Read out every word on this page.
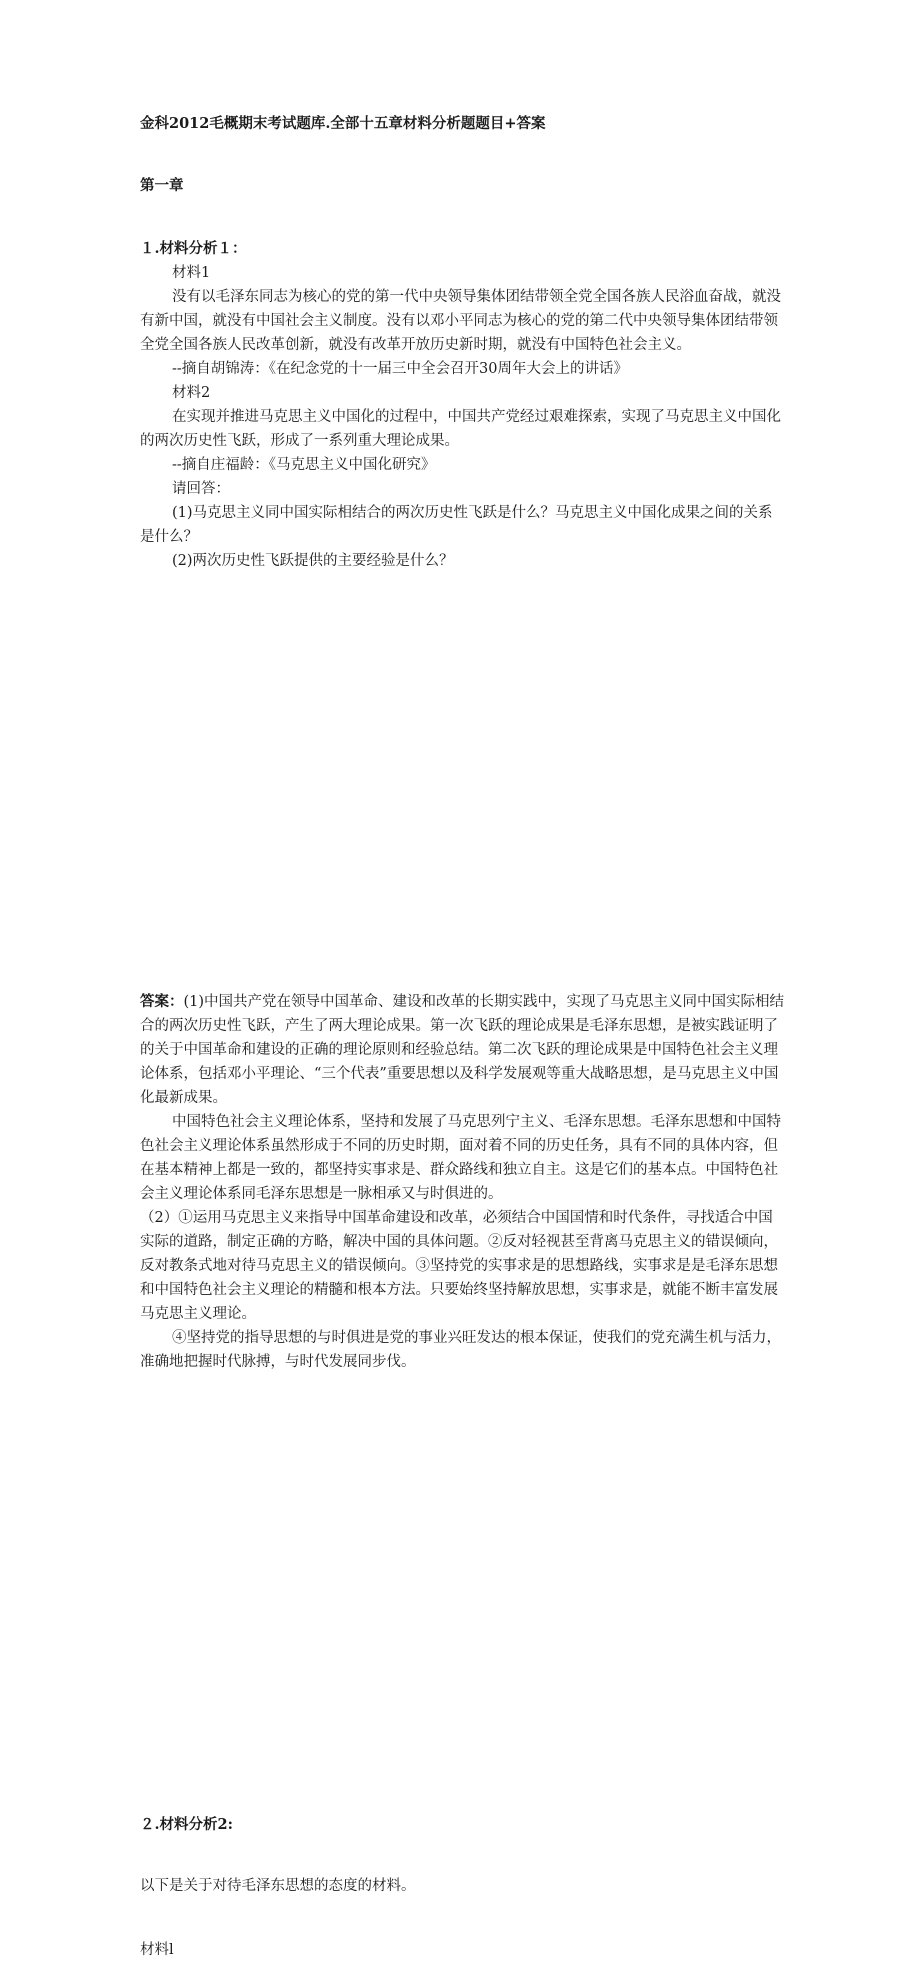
金科2012毛概期末考试题库.全部十五章材料分析题题目+答案

第一章

１.材料分析１：

材料1

没有以毛泽东同志为核心的党的第一代中央领导集体团结带领全党全国各族人民浴血奋战，就没有新中国，就没有中国社会主义制度。没有以邓小平同志为核心的党的第二代中央领导集体团结带领全党全国各族人民改革创新，就没有改革开放历史新时期，就没有中国特色社会主义。

--摘自胡锦涛：《在纪念党的十一届三中全会召开30周年大会上的讲话》

材料2

在实现并推进马克思主义中国化的过程中，中国共产党经过艰难探索，实现了马克思主义中国化的两次历史性飞跃，形成了一系列重大理论成果。

--摘自庄福龄：《马克思主义中国化研究》

请回答：

(1)马克思主义同中国实际相结合的两次历史性飞跃是什么？马克思主义中国化成果之间的关系是什么？

(2)两次历史性飞跃提供的主要经验是什么？

答案：(1)中国共产党在领导中国革命、建设和改革的长期实践中，实现了马克思主义同中国实际相结合的两次历史性飞跃，产生了两大理论成果。第一次飞跃的理论成果是毛泽东思想，是被实践证明了的关于中国革命和建设的正确的理论原则和经验总结。第二次飞跃的理论成果是中国特色社会主义理论体系，包括邓小平理论、“三个代表”重要思想以及科学发展观等重大战略思想，是马克思主义中国化最新成果。

中国特色社会主义理论体系，坚持和发展了马克思列宁主义、毛泽东思想。毛泽东思想和中国特色社会主义理论体系虽然形成于不同的历史时期，面对着不同的历史任务，具有不同的具体内容，但在基本精神上都是一致的，都坚持实事求是、群众路线和独立自主。这是它们的基本点。中国特色社会主义理论体系同毛泽东思想是一脉相承又与时俱进的。

（2）①运用马克思主义来指导中国革命建设和改革，必须结合中国国情和时代条件，寻找适合中国实际的道路，制定正确的方略，解决中国的具体问题。②反对轻视甚至背离马克思主义的错误倾向，反对教条式地对待马克思主义的错误倾向。③坚持党的实事求是的思想路线，实事求是是毛泽东思想和中国特色社会主义理论的精髓和根本方法。只要始终坚持解放思想，实事求是，就能不断丰富发展马克思主义理论。

④坚持党的指导思想的与时俱进是党的事业兴旺发达的根本保证，使我们的党充满生机与活力，准确地把握时代脉搏，与时代发展同步伐。

２.材料分析2:

以下是关于对待毛泽东思想的态度的材料。

材料l
